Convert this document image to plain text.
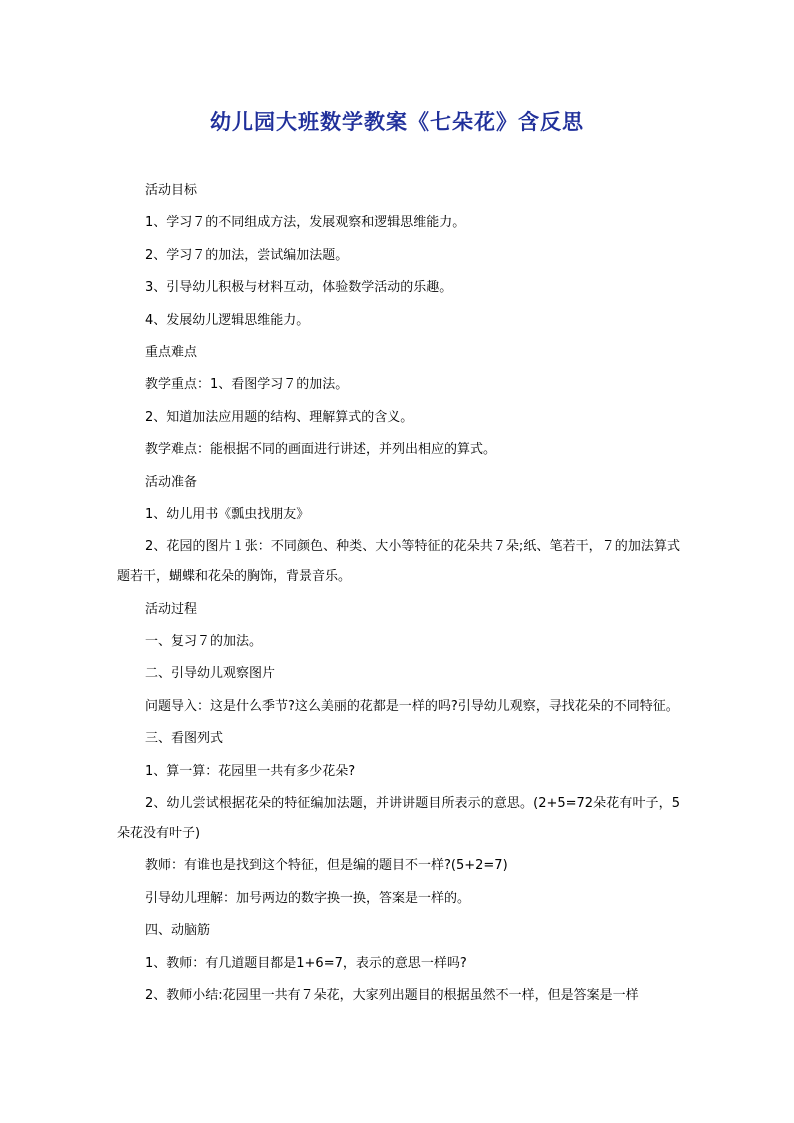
幼儿园大班数学教案《七朵花》含反思

活动目标

1、学习７的不同组成方法，发展观察和逻辑思维能力。

2、学习７的加法，尝试编加法题。

3、引导幼儿积极与材料互动，体验数学活动的乐趣。

4、发展幼儿逻辑思维能力。

重点难点

教学重点：1、看图学习７的加法。

2、知道加法应用题的结构、理解算式的含义。

教学难点：能根据不同的画面进行讲述，并列出相应的算式。

活动准备

1、幼儿用书《瓢虫找朋友》

2、花园的图片１张：不同颜色、种类、大小等特征的花朵共７朵;纸、笔若干，７的加法算式题若干，蝴蝶和花朵的胸饰，背景音乐。

活动过程

一、复习７的加法。

二、引导幼儿观察图片

问题导入：这是什么季节?这么美丽的花都是一样的吗?引导幼儿观察，寻找花朵的不同特征。

三、看图列式

1、算一算：花园里一共有多少花朵?

2、幼儿尝试根据花朵的特征编加法题，并讲讲题目所表示的意思。(2+5=72朵花有叶子，5朵花没有叶子)

教师：有谁也是找到这个特征，但是编的题目不一样?(5+2=7)

引导幼儿理解：加号两边的数字换一换，答案是一样的。

四、动脑筋

1、教师：有几道题目都是1+6=7，表示的意思一样吗?

2、教师小结:花园里一共有７朵花，大家列出题目的根据虽然不一样，但是答案是一样
